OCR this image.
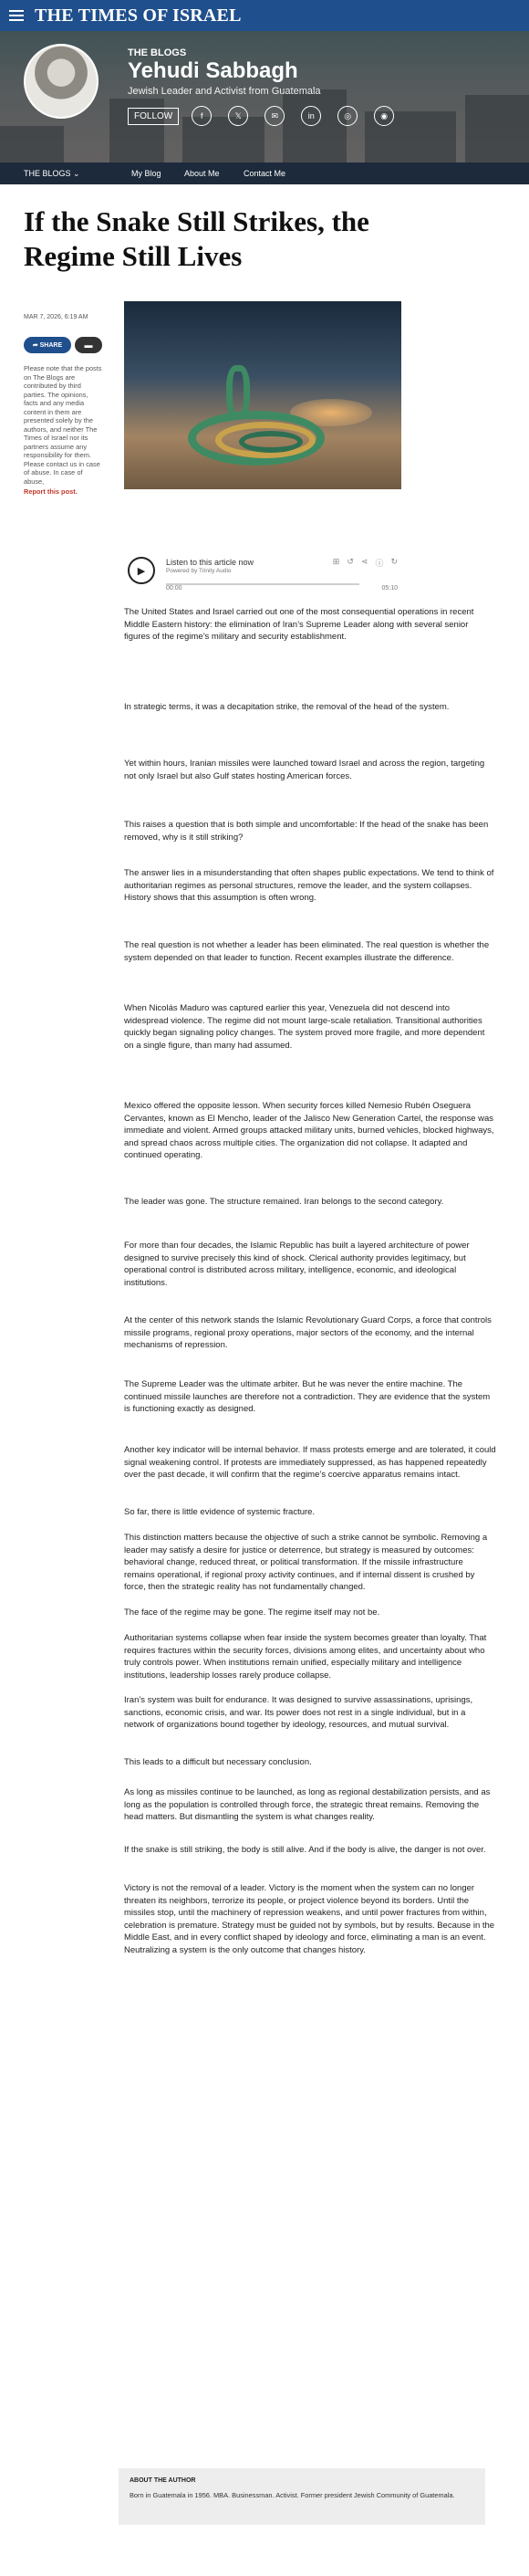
THE TIMES OF ISRAEL
THE BLOGS
Yehudi Sabbagh
Jewish Leader and Activist from Guatemala
FOLLOW	f	𝕏	✉	in	◎	◉
THE BLOGS ⌄	My Blog	About Me	Contact Me
If the Snake Still Strikes, the
Regime Still Lives
MAR 7, 2026, 6:19 AM
➦ SHARE	▬
Please note that the posts on The Blogs are contributed by third parties. The opinions, facts and any media content in them are presented solely by the authors, and neither The Times of Israel nor its partners assume any responsibility for them. Please contact us in case of abuse. In case of abuse,
Report this post.
▶
Listen to this article now
Powered by Trinity Audio
⊞ ↺ ⋖ ⓘ ↻
00:00	05:10

The United States and Israel carried out one of the most consequential operations in recent Middle Eastern history: the elimination of Iran’s Supreme Leader along with several senior figures of the regime’s military and security establishment.

In strategic terms, it was a decapitation strike, the removal of the head of the system.

Yet within hours, Iranian missiles were launched toward Israel and across the region, targeting not only Israel but also Gulf states hosting American forces.

This raises a question that is both simple and uncomfortable: If the head of the snake has been removed, why is it still striking?

The answer lies in a misunderstanding that often shapes public expectations. We tend to think of authoritarian regimes as personal structures, remove the leader, and the system collapses. History shows that this assumption is often wrong.

The real question is not whether a leader has been eliminated. The real question is whether the system depended on that leader to function. Recent examples illustrate the difference.

When Nicolás Maduro was captured earlier this year, Venezuela did not descend into widespread violence. The regime did not mount large-scale retaliation. Transitional authorities quickly began signaling policy changes. The system proved more fragile, and more dependent on a single figure, than many had assumed.

Mexico offered the opposite lesson. When security forces killed Nemesio Rubén Oseguera Cervantes, known as El Mencho, leader of the Jalisco New Generation Cartel, the response was immediate and violent. Armed groups attacked military units, burned vehicles, blocked highways, and spread chaos across multiple cities. The organization did not collapse. It adapted and continued operating.

The leader was gone. The structure remained. Iran belongs to the second category.

For more than four decades, the Islamic Republic has built a layered architecture of power designed to survive precisely this kind of shock. Clerical authority provides legitimacy, but operational control is distributed across military, intelligence, economic, and ideological institutions.

At the center of this network stands the Islamic Revolutionary Guard Corps, a force that controls missile programs, regional proxy operations, major sectors of the economy, and the internal mechanisms of repression.

The Supreme Leader was the ultimate arbiter. But he was never the entire machine. The continued missile launches are therefore not a contradiction. They are evidence that the system is functioning exactly as designed.

Another key indicator will be internal behavior. If mass protests emerge and are tolerated, it could signal weakening control. If protests are immediately suppressed, as has happened repeatedly over the past decade, it will confirm that the regime’s coercive apparatus remains intact.

So far, there is little evidence of systemic fracture.

This distinction matters because the objective of such a strike cannot be symbolic. Removing a leader may satisfy a desire for justice or deterrence, but strategy is measured by outcomes: behavioral change, reduced threat, or political transformation. If the missile infrastructure remains operational, if regional proxy activity continues, and if internal dissent is crushed by force, then the strategic reality has not fundamentally changed.

The face of the regime may be gone. The regime itself may not be.

Authoritarian systems collapse when fear inside the system becomes greater than loyalty. That requires fractures within the security forces, divisions among elites, and uncertainty about who truly controls power. When institutions remain unified, especially military and intelligence institutions, leadership losses rarely produce collapse.

Iran’s system was built for endurance. It was designed to survive assassinations, uprisings, sanctions, economic crisis, and war. Its power does not rest in a single individual, but in a network of organizations bound together by ideology, resources, and mutual survival.

This leads to a difficult but necessary conclusion.

As long as missiles continue to be launched, as long as regional destabilization persists, and as long as the population is controlled through force, the strategic threat remains. Removing the head matters. But dismantling the system is what changes reality.

If the snake is still striking, the body is still alive. And if the body is alive, the danger is not over.

Victory is not the removal of a leader. Victory is the moment when the system can no longer threaten its neighbors, terrorize its people, or project violence beyond its borders. Until the missiles stop, until the machinery of repression weakens, and until power fractures from within, celebration is premature. Strategy must be guided not by symbols, but by results. Because in the Middle East, and in every conflict shaped by ideology and force, eliminating a man is an event. Neutralizing a system is the only outcome that changes history.

ABOUT THE AUTHOR
Born in Guatemala in 1956. MBA. Businessman. Activist. Former president Jewish Community of Guatemala.
